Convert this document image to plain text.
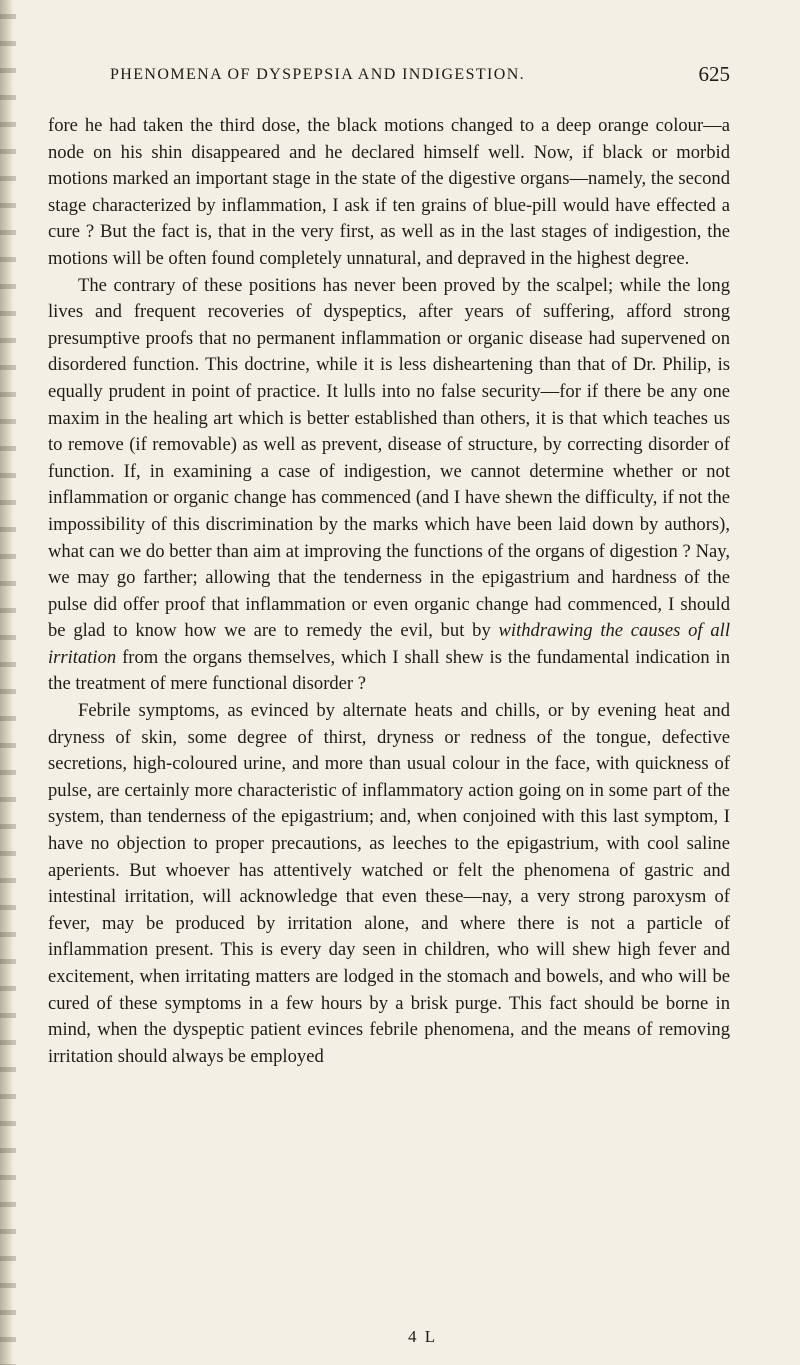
PHENOMENA OF DYSPEPSIA AND INDIGESTION.	625

fore he had taken the third dose, the black motions changed to a deep orange colour—a node on his shin disappeared and he declared himself well. Now, if black or morbid motions marked an important stage in the state of the digestive organs—namely, the second stage characterized by inflammation, I ask if ten grains of blue-pill would have effected a cure ? But the fact is, that in the very first, as well as in the last stages of indigestion, the motions will be often found completely unnatural, and depraved in the highest degree.

The contrary of these positions has never been proved by the scalpel; while the long lives and frequent recoveries of dyspeptics, after years of suffering, afford strong presumptive proofs that no permanent inflammation or organic disease had supervened on disordered function. This doctrine, while it is less disheartening than that of Dr. Philip, is equally prudent in point of practice. It lulls into no false security—for if there be any one maxim in the healing art which is better established than others, it is that which teaches us to remove (if removable) as well as prevent, disease of structure, by correcting disorder of function. If, in examining a case of indigestion, we cannot determine whether or not inflammation or organic change has commenced (and I have shewn the difficulty, if not the impossibility of this discrimination by the marks which have been laid down by authors), what can we do better than aim at improving the functions of the organs of digestion ? Nay, we may go farther; allowing that the tenderness in the epigastrium and hardness of the pulse did offer proof that inflammation or even organic change had commenced, I should be glad to know how we are to remedy the evil, but by withdrawing the causes of all irritation from the organs themselves, which I shall shew is the fundamental indication in the treatment of mere functional disorder ?

Febrile symptoms, as evinced by alternate heats and chills, or by evening heat and dryness of skin, some degree of thirst, dryness or redness of the tongue, defective secretions, high-coloured urine, and more than usual colour in the face, with quickness of pulse, are certainly more characteristic of inflammatory action going on in some part of the system, than tenderness of the epigastrium; and, when conjoined with this last symptom, I have no objection to proper precautions, as leeches to the epigastrium, with cool saline aperients. But whoever has attentively watched or felt the phenomena of gastric and intestinal irritation, will acknowledge that even these—nay, a very strong paroxysm of fever, may be produced by irritation alone, and where there is not a particle of inflammation present. This is every day seen in children, who will shew high fever and excitement, when irritating matters are lodged in the stomach and bowels, and who will be cured of these symptoms in a few hours by a brisk purge. This fact should be borne in mind, when the dyspeptic patient evinces febrile phenomena, and the means of removing irritation should always be employed

4 L
